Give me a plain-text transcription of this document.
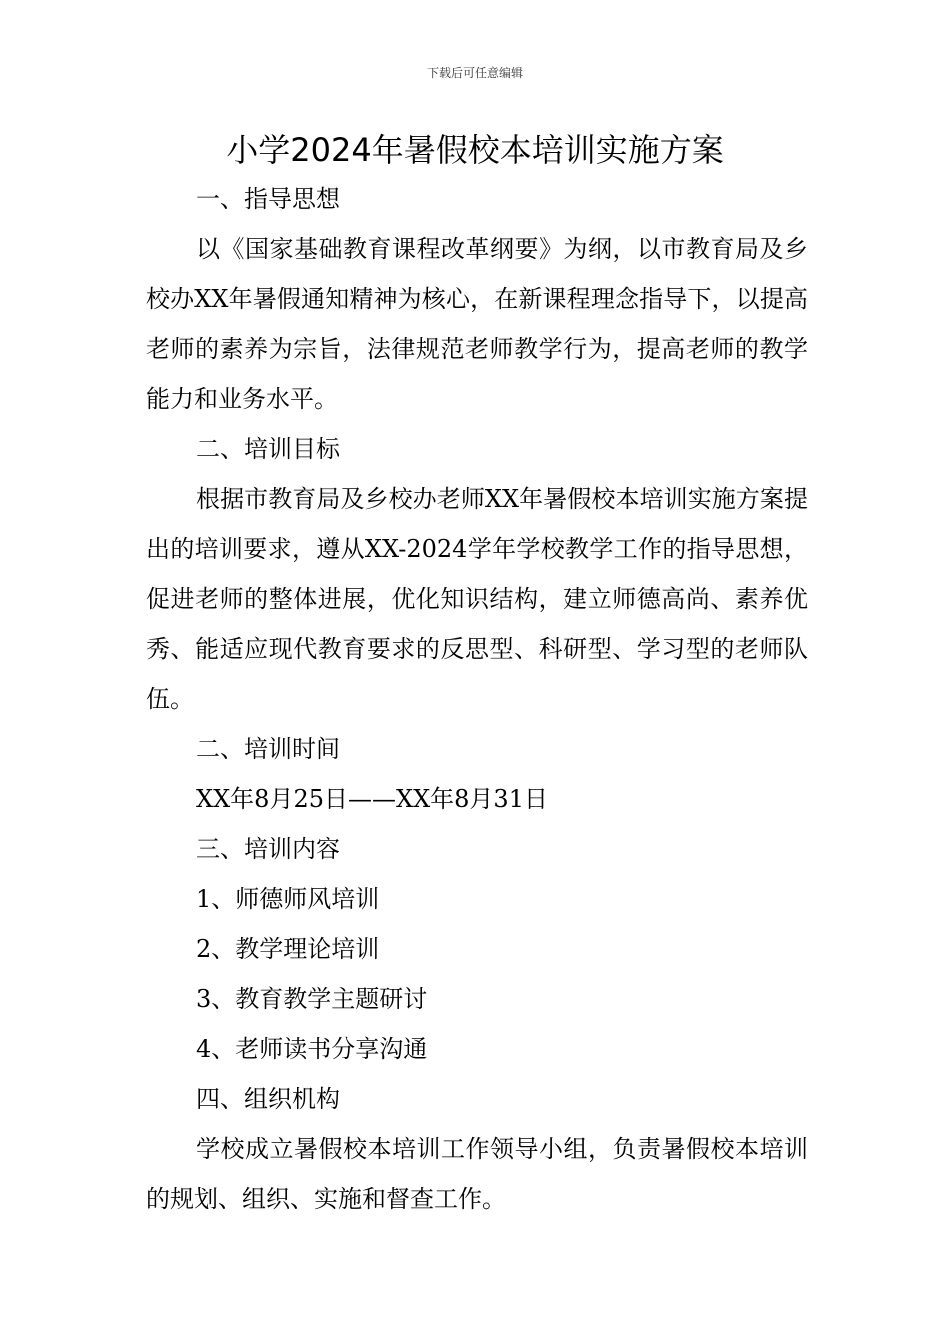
下载后可任意编辑
小学2024年暑假校本培训实施方案

一、指导思想

以《国家基础教育课程改革纲要》为纲，以市教育局及乡校办XX年暑假通知精神为核心，在新课程理念指导下，以提高老师的素养为宗旨，法律规范老师教学行为，提高老师的教学能力和业务水平。

二、培训目标

根据市教育局及乡校办老师XX年暑假校本培训实施方案提出的培训要求，遵从XX-2024学年学校教学工作的指导思想，促进老师的整体进展，优化知识结构，建立师德高尚、素养优秀、能适应现代教育要求的反思型、科研型、学习型的老师队伍。

二、培训时间

XX年8月25日——XX年8月31日

三、培训内容

1、师德师风培训

2、教学理论培训

3、教育教学主题研讨

4、老师读书分享沟通

四、组织机构

学校成立暑假校本培训工作领导小组，负责暑假校本培训的规划、组织、实施和督查工作。
